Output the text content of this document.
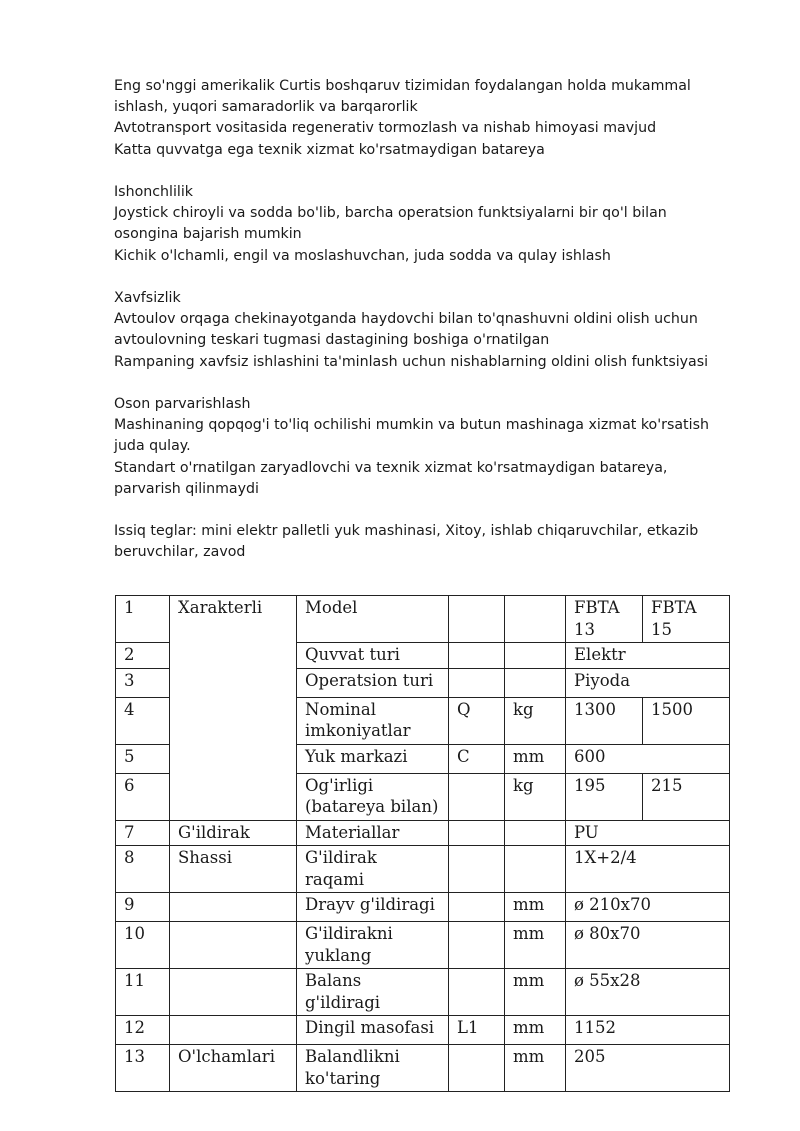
Eng so'nggi amerikalik Curtis boshqaruv tizimidan foydalangan holda mukammal ishlash, yuqori samaradorlik va barqarorlik

Avtotransport vositasida regenerativ tormozlash va nishab himoyasi mavjud

Katta quvvatga ega texnik xizmat ko'rsatmaydigan batareya

Ishonchlilik

Joystick chiroyli va sodda bo'lib, barcha operatsion funktsiyalarni bir qo'l bilan osongina bajarish mumkin

Kichik o'lchamli, engil va moslashuvchan, juda sodda va qulay ishlash

Xavfsizlik

Avtoulov orqaga chekinayotganda haydovchi bilan to'qnashuvni oldini olish uchun avtoulovning teskari tugmasi dastagining boshiga o'rnatilgan

Rampaning xavfsiz ishlashini ta'minlash uchun nishablarning oldini olish funktsiyasi

Oson parvarishlash

Mashinaning qopqog'i to'liq ochilishi mumkin va butun mashinaga xizmat ko'rsatish juda qulay.

Standart o'rnatilgan zaryadlovchi va texnik xizmat ko'rsatmaydigan batareya, parvarish qilinmaydi

Issiq teglar: mini elektr palletli yuk mashinasi, Xitoy, ishlab chiqaruvchilar, etkazib beruvchilar, zavod

1	Xarakterli	Model			FBTA 13	FBTA 15
2		Quvvat turi			Elektr	
3		Operatsion turi			Piyoda	
4		Nominal imkoniyatlar	Q	kg	1300	1500
5		Yuk markazi	C	mm	600	
6		Og'irligi (batareya bilan)		kg	195	215
7	G'ildirak	Materiallar			PU	
8	Shassi	G'ildirak raqami			1X+2/4	
9		Drayv g'ildiragi		mm	ø 210x70	
10		G'ildirakni yuklang		mm	ø 80x70	
11		Balans g'ildiragi		mm	ø 55x28	
12		Dingil masofasi	L1	mm	1152	
13	O'lchamlari	Balandlikni ko'taring		mm	205	
